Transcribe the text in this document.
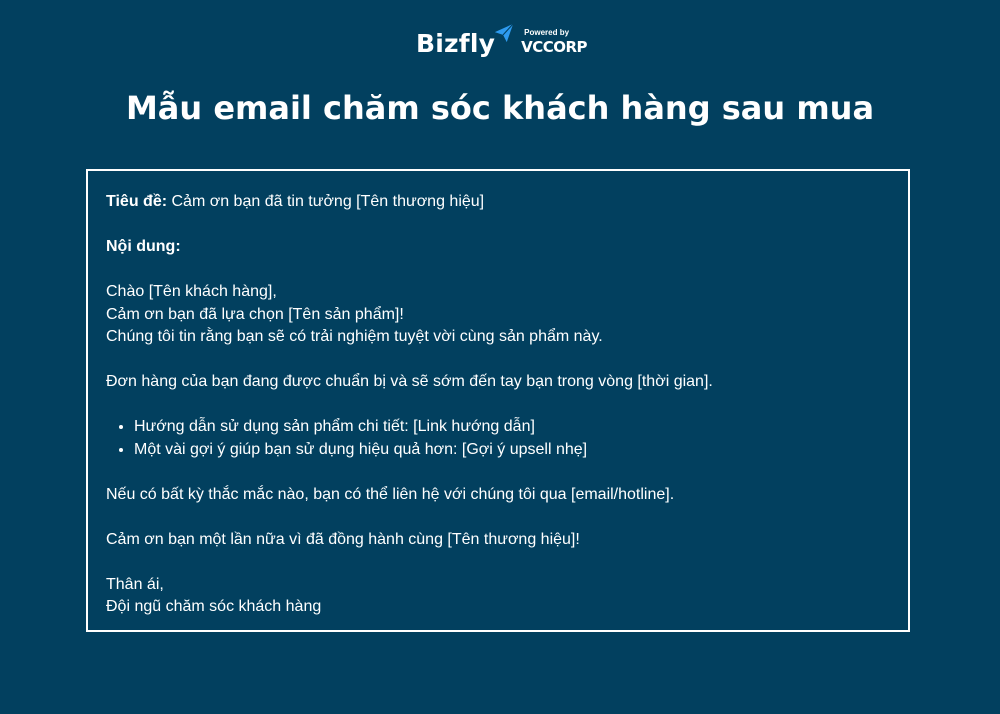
Bizfly	Powered by
VCCORP
Mẫu email chăm sóc khách hàng sau mua
Tiêu đề: Cảm ơn bạn đã tin tưởng [Tên thương hiệu]
Nội dung:
Chào [Tên khách hàng],
Cảm ơn bạn đã lựa chọn [Tên sản phẩm]!
Chúng tôi tin rằng bạn sẽ có trải nghiệm tuyệt vời cùng sản phẩm này.
Đơn hàng của bạn đang được chuẩn bị và sẽ sớm đến tay bạn trong vòng [thời gian].
• Hướng dẫn sử dụng sản phẩm chi tiết: [Link hướng dẫn]
• Một vài gợi ý giúp bạn sử dụng hiệu quả hơn: [Gợi ý upsell nhẹ]
Nếu có bất kỳ thắc mắc nào, bạn có thể liên hệ với chúng tôi qua [email/hotline].
Cảm ơn bạn một lần nữa vì đã đồng hành cùng [Tên thương hiệu]!
Thân ái,
Đội ngũ chăm sóc khách hàng
